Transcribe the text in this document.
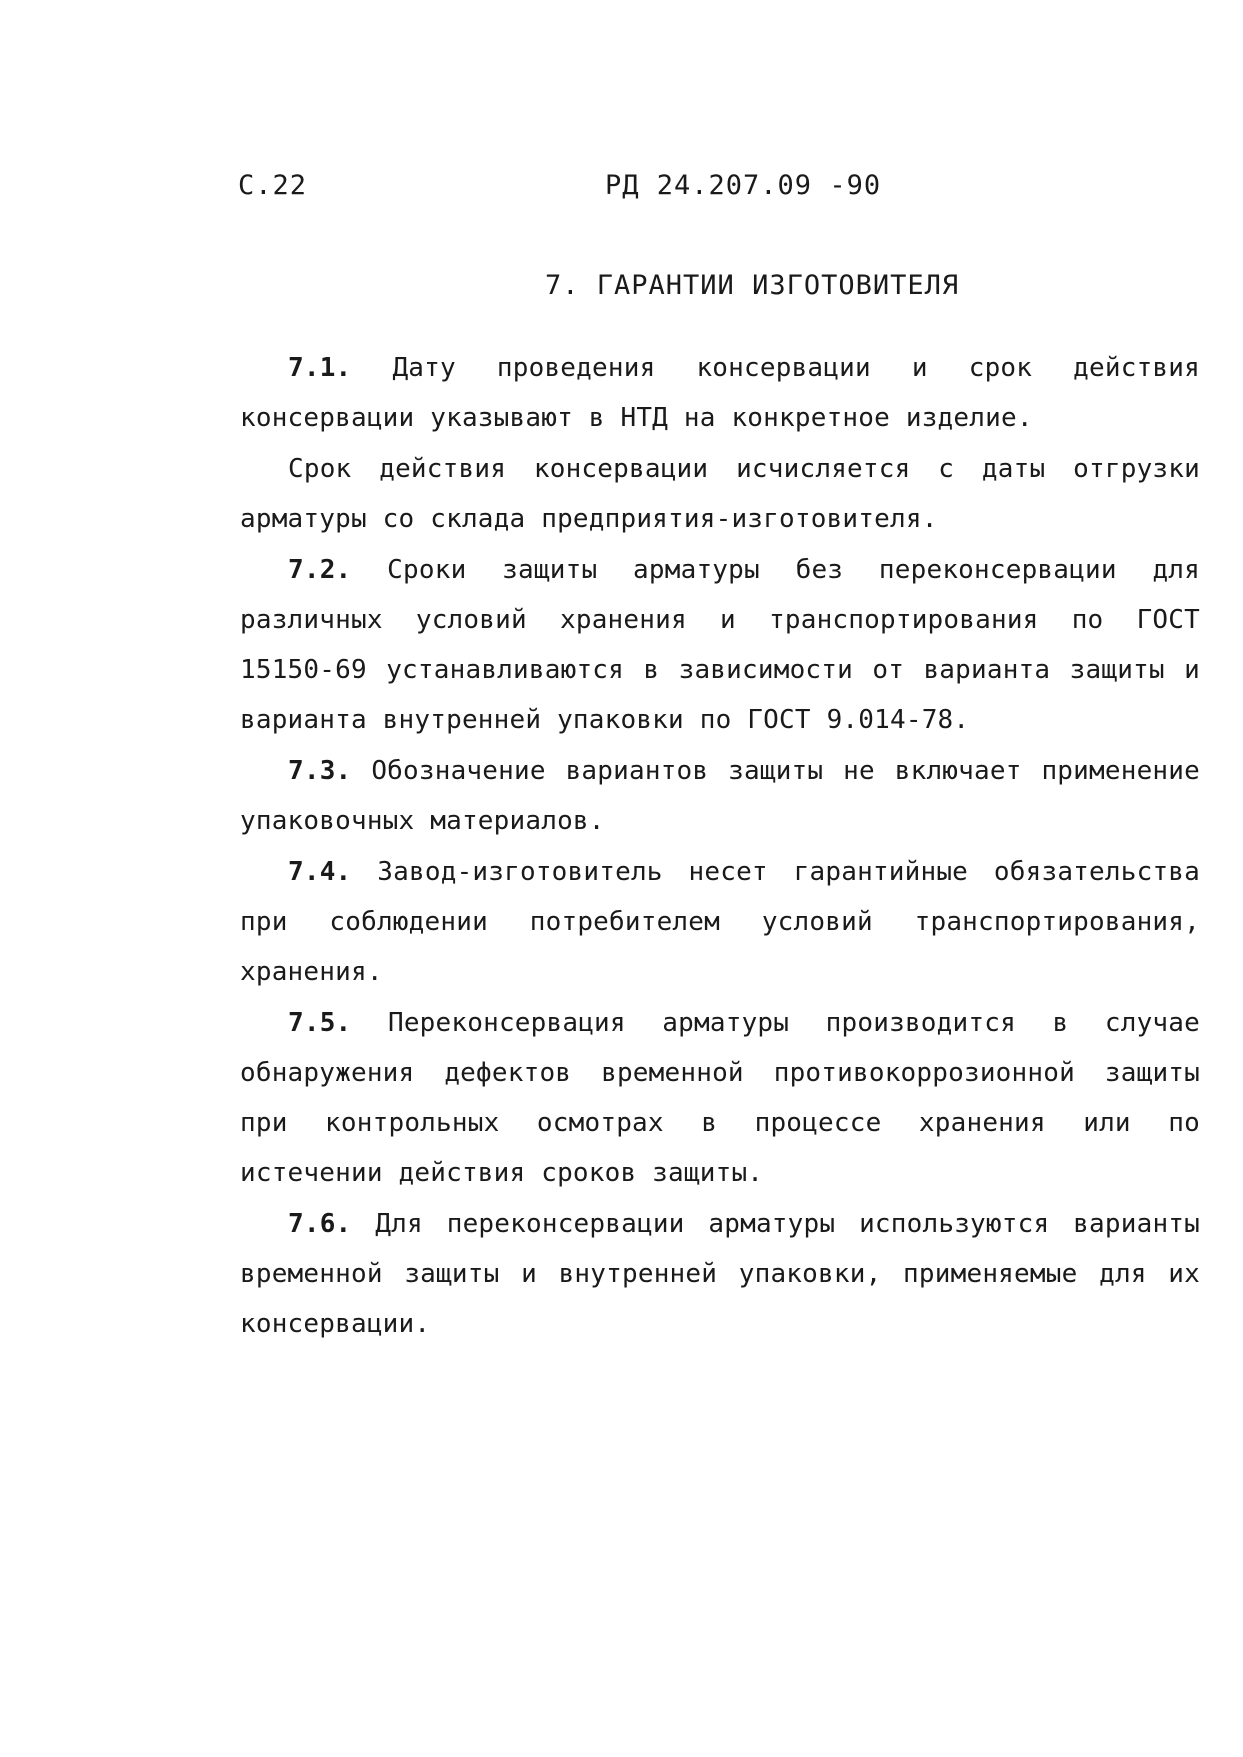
С.22	РД 24.207.09 -90
7. ГАРАНТИИ ИЗГОТОВИТЕЛЯ

7.1. Дату проведения консервации и срок действия консервации указывают в НТД на конкретное изделие.

Срок действия консервации исчисляется с даты отгрузки арматуры со склада предприятия-изготовителя.

7.2. Сроки защиты арматуры без переконсервации для различных условий хранения и транспортирования по ГОСТ 15150-69 устанавливаются в зависимости от варианта защиты и варианта внутренней упаковки по ГОСТ 9.014-78.

7.3. Обозначение вариантов защиты не включает применение упаковочных материалов.

7.4. Завод-изготовитель несет гарантийные обязательства при соблюдении потребителем условий транспортирования, хранения.

7.5. Переконсервация арматуры производится в случае обнаружения дефектов временной противокоррозионной защиты при контрольных осмотрах в процессе хранения или по истечении действия сроков защиты.

7.6. Для переконсервации арматуры используются варианты временной защиты и внутренней упаковки, применяемые для их консервации.
